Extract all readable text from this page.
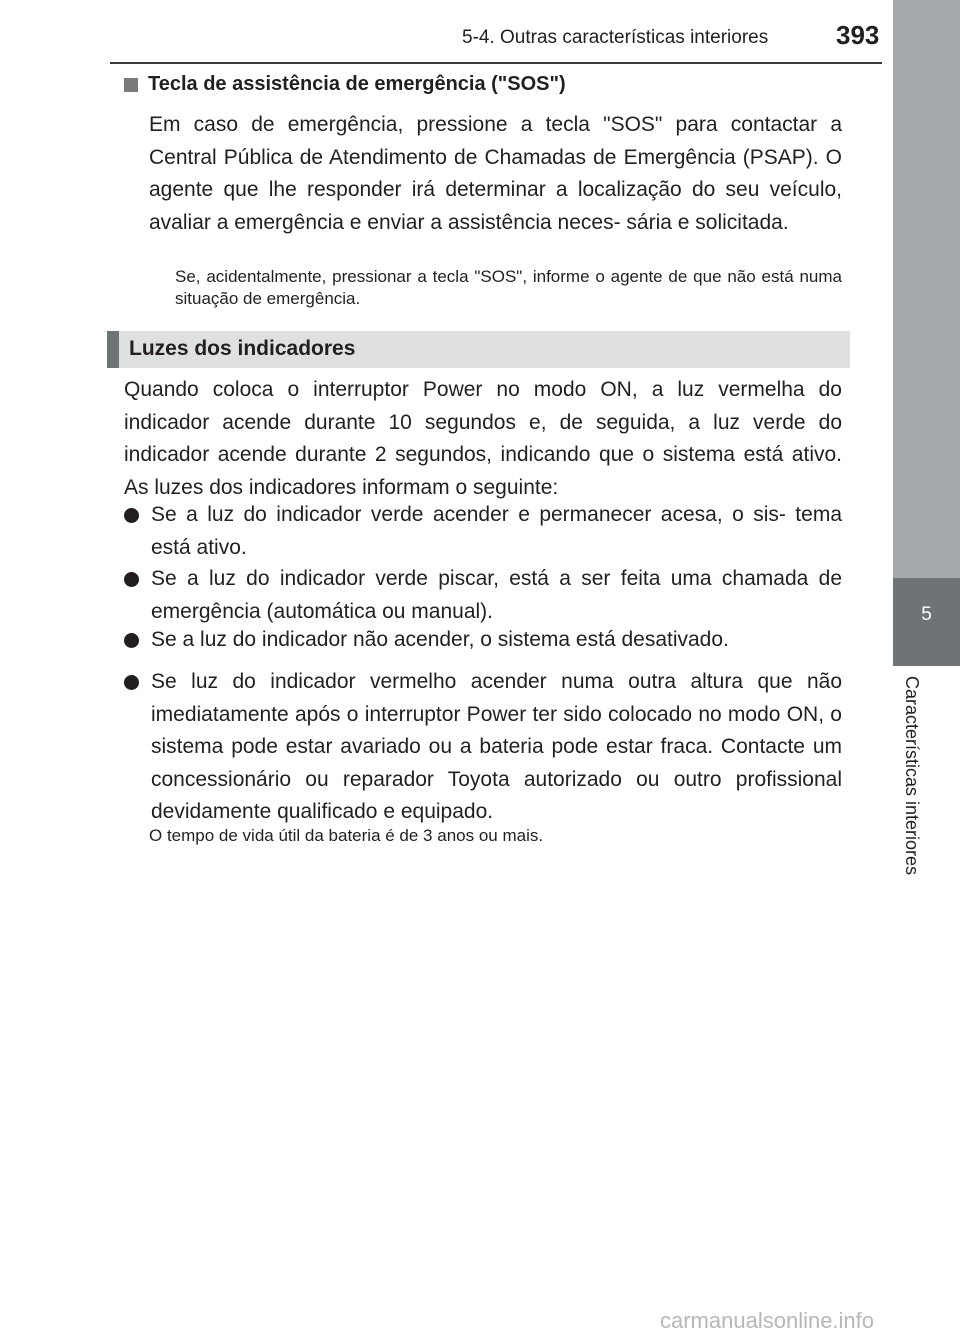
5-4. Outras características interiores	393
5
Características interiores
Tecla de assistência de emergência ("SOS")
Em caso de emergência, pressione a tecla "SOS" para contactar a Central Pública de Atendimento de Chamadas de Emergência (PSAP). O agente que lhe responder irá determinar a localização do seu veículo, avaliar a emergência e enviar a assistência neces- sária e solicitada.
Se, acidentalmente, pressionar a tecla "SOS", informe o agente de que não está numa situação de emergência.
Luzes dos indicadores
Quando coloca o interruptor Power no modo ON, a luz vermelha do indicador acende durante 10 segundos e, de seguida, a luz verde do indicador acende durante 2 segundos, indicando que o sistema está ativo. As luzes dos indicadores informam o seguinte:
Se a luz do indicador verde acender e permanecer acesa, o sis- tema está ativo.
Se a luz do indicador verde piscar, está a ser feita uma chamada de emergência (automática ou manual).
Se a luz do indicador não acender, o sistema está desativado.
Se luz do indicador vermelho acender numa outra altura que não imediatamente após o interruptor Power ter sido colocado no modo ON, o sistema pode estar avariado ou a bateria pode estar fraca. Contacte um concessionário ou reparador Toyota autorizado ou outro profissional devidamente qualificado e equipado.
O tempo de vida útil da bateria é de 3 anos ou mais.
carmanualsonline.info
